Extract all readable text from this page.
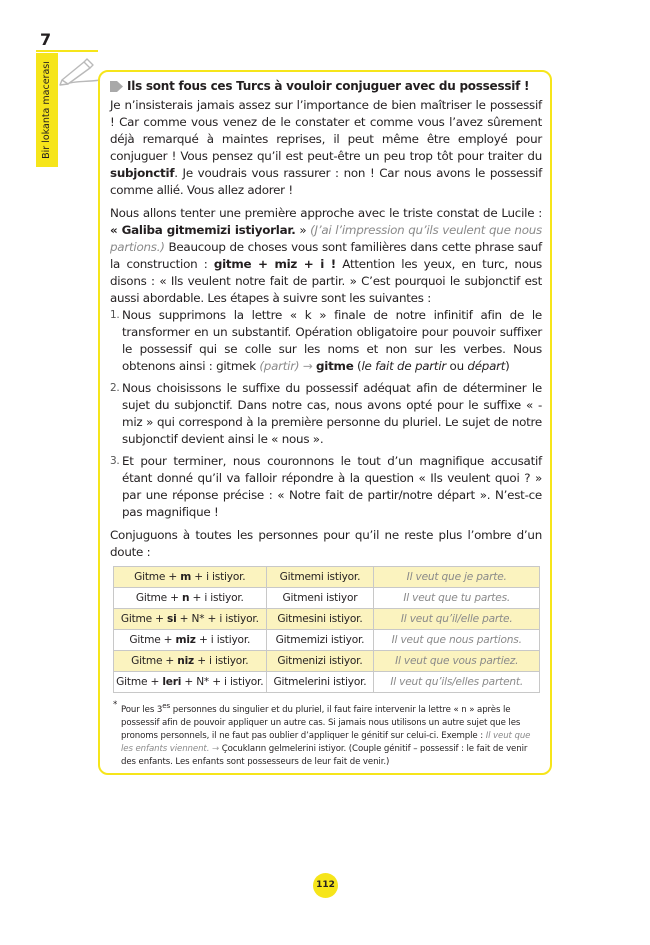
7
Bir lokanta macerası	Ils sont fous ces Turcs à vouloir conjuguer avec du possessif !

Je n’insisterais jamais assez sur l’importance de bien maîtriser le possessif ! Car comme vous venez de le constater et comme vous l’avez sûrement déjà remarqué à maintes reprises, il peut même être employé pour conjuguer ! Vous pensez qu’il est peut-être un peu trop tôt pour traiter du subjonctif. Je voudrais vous rassurer : non ! Car nous avons le possessif comme allié. Vous allez adorer !

Nous allons tenter une première approche avec le triste constat de Lucile : « Galiba gitmemizi istiyorlar. » (J’ai l’impression qu’ils veulent que nous partions.) Beaucoup de choses vous sont familières dans cette phrase sauf la construction : gitme + miz + i ! Attention les yeux, en turc, nous disons : « Ils veulent notre fait de partir. » C’est pourquoi le subjonctif est aussi abordable. Les étapes à suivre sont les suivantes :

1. Nous supprimons la lettre « k » finale de notre infinitif afin de le transformer en un substantif. Opération obligatoire pour pouvoir suffixer le possessif qui se colle sur les noms et non sur les verbes. Nous obtenons ainsi : gitmek (partir) → gitme (le fait de partir ou départ)
2. Nous choisissons le suffixe du possessif adéquat afin de déterminer le sujet du subjonctif. Dans notre cas, nous avons opté pour le suffixe « -miz » qui correspond à la première personne du pluriel. Le sujet de notre subjonctif devient ainsi le « nous ».
3. Et pour terminer, nous couronnons le tout d’un magnifique accusatif étant donné qu’il va falloir répondre à la question « Ils veulent quoi ? » par une réponse précise : « Notre fait de partir/notre départ ». N’est-ce pas magnifique !

Conjuguons à toutes les personnes pour qu’il ne reste plus l’ombre d’un doute :

Gitme + m + i istiyor.	Gitmemi istiyor.	Il veut que je parte.
Gitme + n + i istiyor.	Gitmeni istiyor	Il veut que tu partes.
Gitme + si + N* + i istiyor.	Gitmesini istiyor.	Il veut qu’il/elle parte.
Gitme + miz + i istiyor.	Gitmemizi istiyor.	Il veut que nous partions.
Gitme + niz + i istiyor.	Gitmenizi istiyor.	Il veut que vous partiez.
Gitme + leri + N* + i istiyor.	Gitmelerini istiyor.	Il veut qu’ils/elles partent.
* Pour les $3^{es}$ personnes du singulier et du pluriel, il faut faire intervenir la lettre « n » après le possessif afin de pouvoir appliquer un autre cas. Si jamais nous utilisons un autre sujet que les pronoms personnels, il ne faut pas oublier d’appliquer le génitif sur celui-ci. Exemple : Il veut que les enfants viennent. → Çocukların gelmelerini istiyor. (Couple génitif – possessif : le fait de venir des enfants. Les enfants sont possesseurs de leur fait de venir.)
112
